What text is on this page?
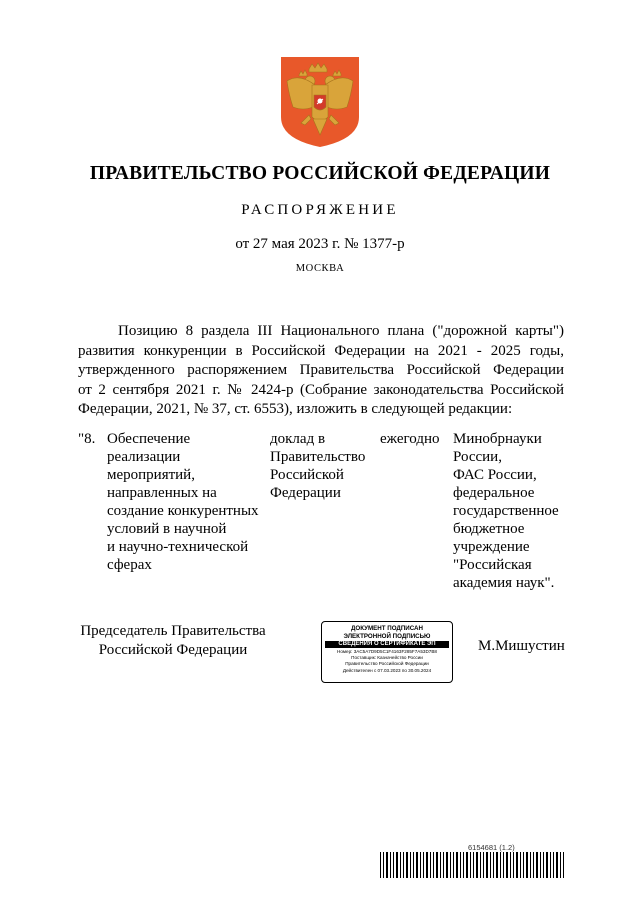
ПРАВИТЕЛЬСТВО РОССИЙСКОЙ ФЕДЕРАЦИИ
РАСПОРЯЖЕНИЕ
от 27 мая 2023 г. № 1377-р
МОСКВА
Позицию 8 раздела III Национального плана ("дорожной карты")
развития конкуренции в Российской Федерации на 2021 - 2025 годы,
утвержденного распоряжением Правительства Российской Федерации
от 2 сентября 2021 г. № 2424-р (Собрание законодательства Российской
Федерации, 2021, № 37, ст. 6553), изложить в следующей редакции:
"8. Обеспечение
реализации
мероприятий,
направленных на
создание конкурентных
условий в научной
и научно-технической
сферах
доклад в
Правительство
Российской
Федерации
ежегодно Минобрнауки
России,
ФАС России,
федеральное
государственное
бюджетное
учреждение
"Российская
академия наук".
Председатель Правительства
Российской Федерации
ДОКУМЕНТ ПОДПИСАН
ЭЛЕКТРОННОЙ ПОДПИСЬЮ
СВЕДЕНИЯ О СЕРТИФИКАТЕ ЭП
Номер: 3AC5A7D9D5C1F4163F285F7A53D7B8
Поставщик: Казначейство России
Правительство Российской Федерации
Действителен с 07.03.2023 по 30.05.2024
М.Мишустин
6154681 (1.2)
